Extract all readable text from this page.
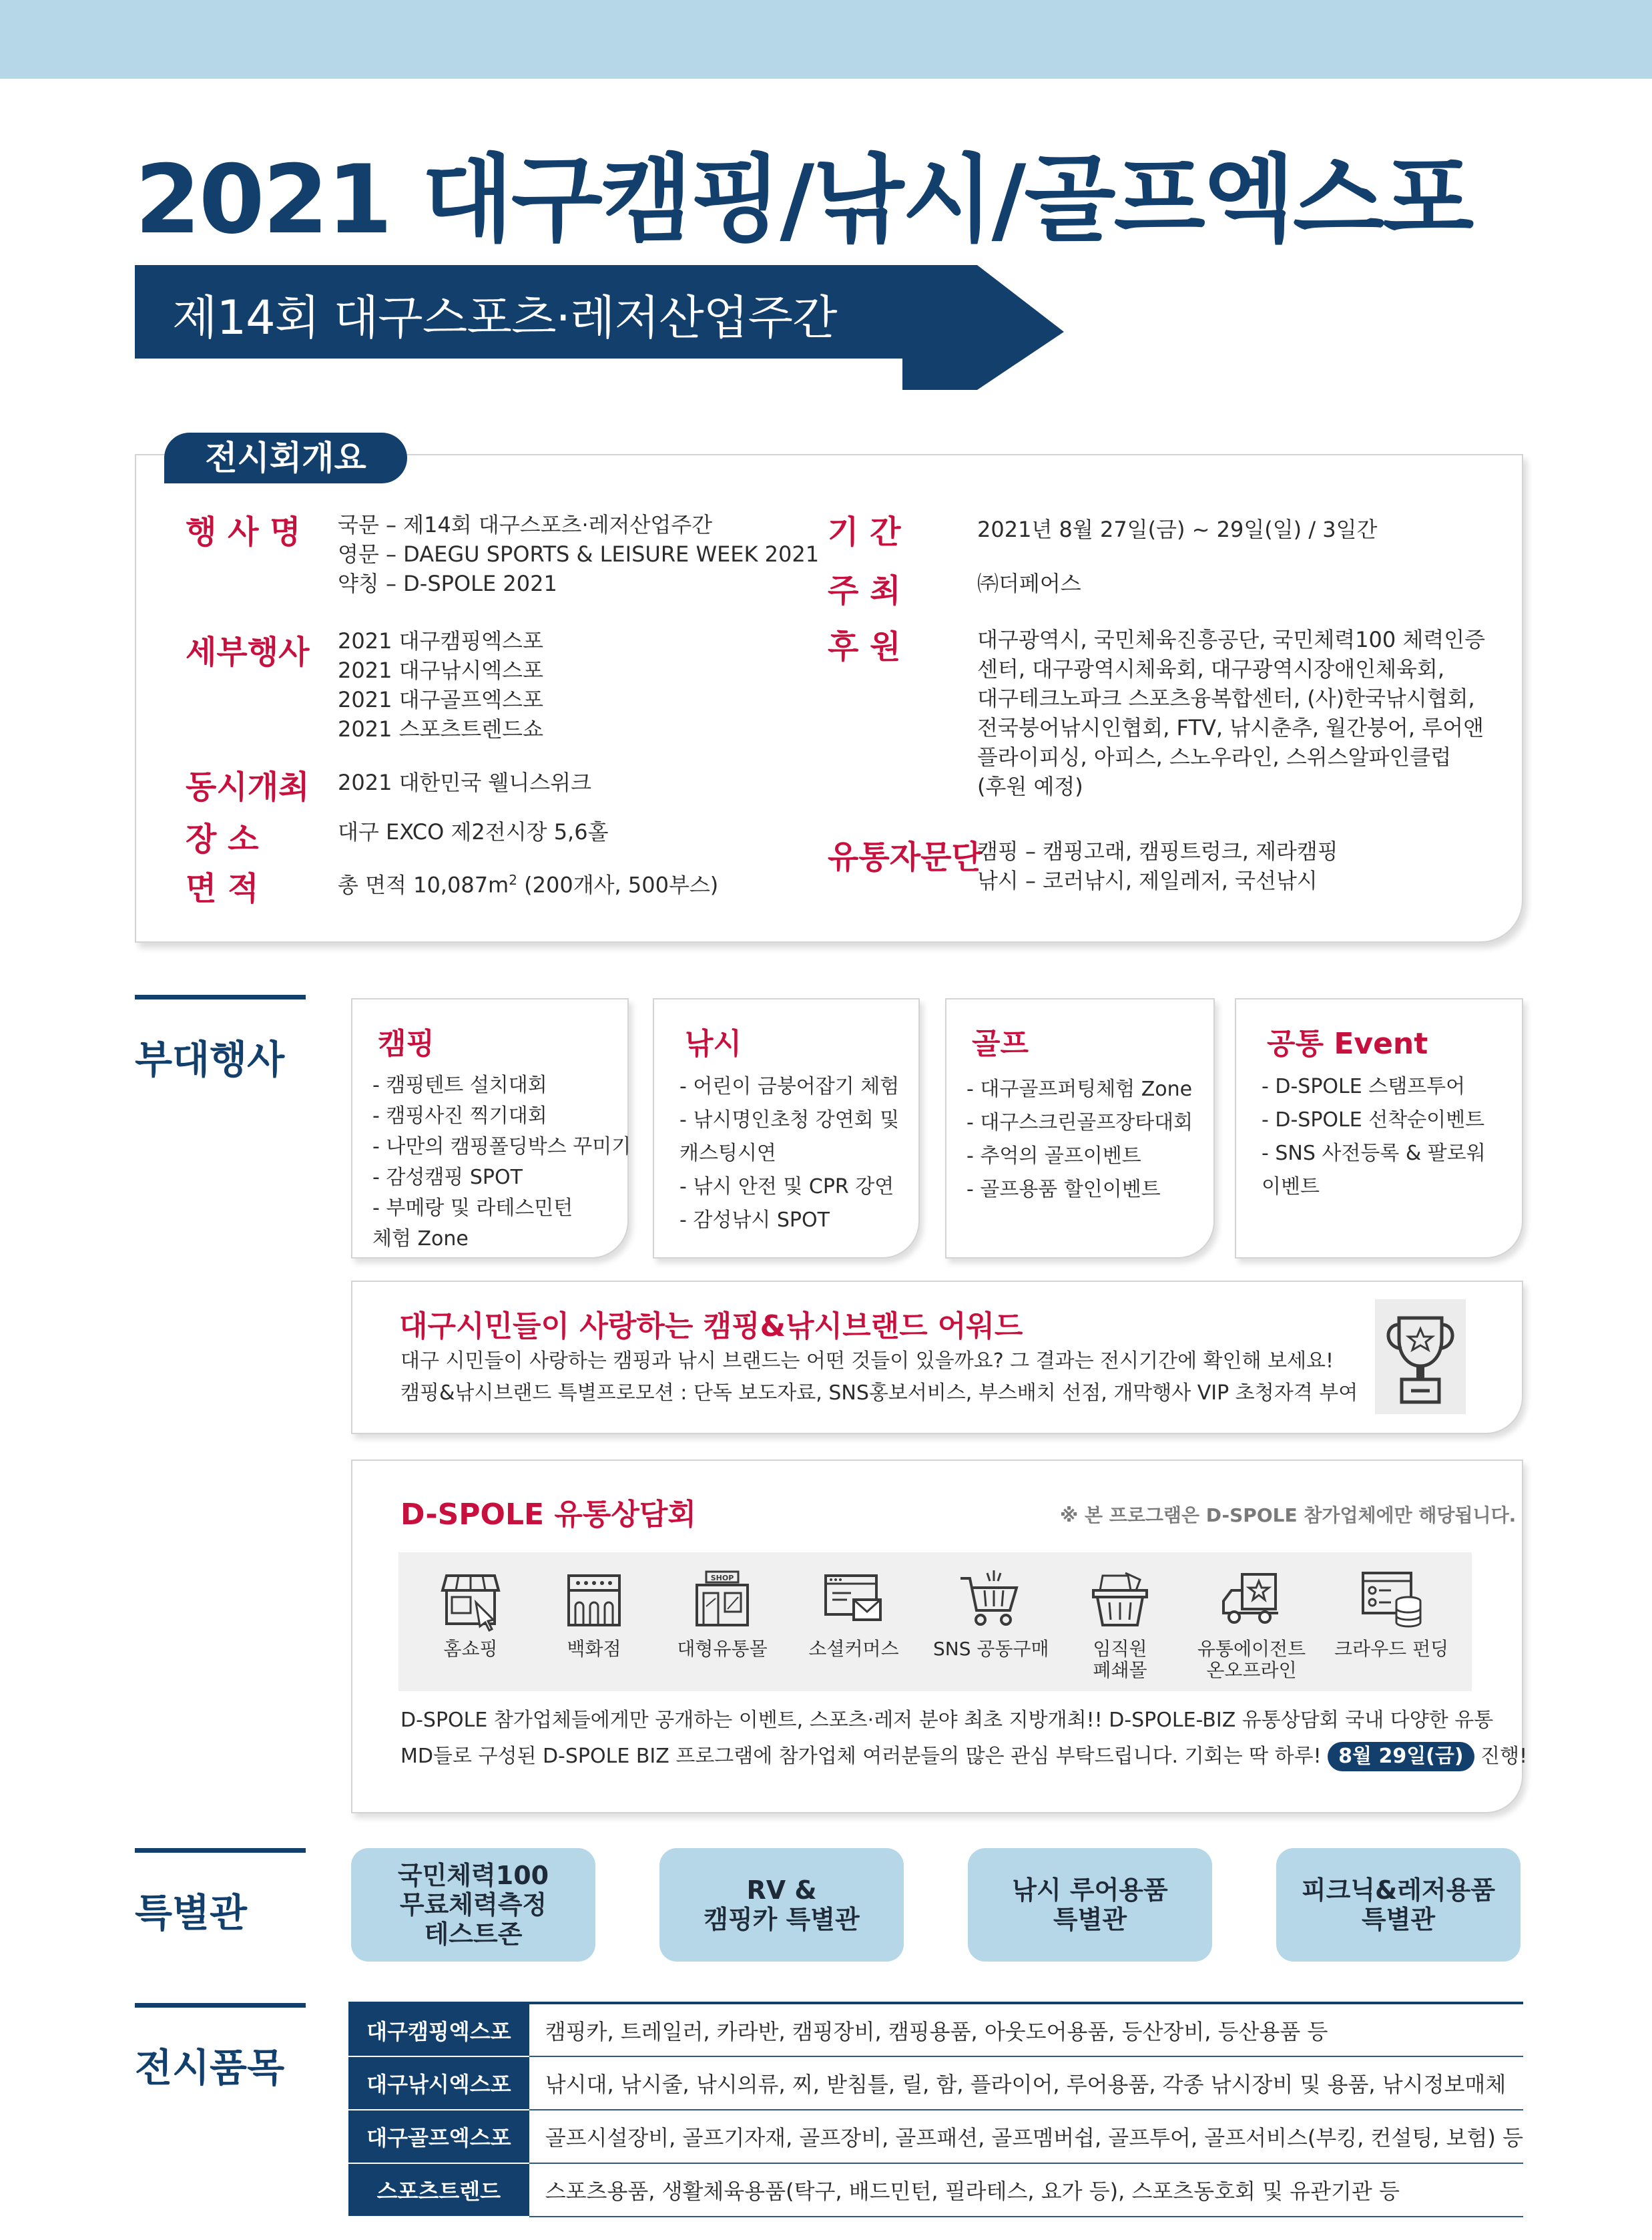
2021 대구캠핑/낚시/골프엑스포
제14회 대구스포츠·레저산업주간
전시회개요
행 사 명 국문 – 제14회 대구스포츠·레저산업주간
영문 – DAEGU SPORTS & LEISURE WEEK 2021
약칭 – D-SPOLE 2021
세부행사 2021 대구캠핑엑스포
2021 대구낚시엑스포
2021 대구골프엑스포
2021 스포츠트렌드쇼
동시개최 2021 대한민국 웰니스위크
장 소	대구 EXCO 제2전시장 5,6홀
면 적	총 면적 $10,087m^2$ (200개사, 500부스)
기 간	2021년 8월 27일(금) ~ 29일(일) / 3일간
주 최	㈜더페어스
후 원	대구광역시, 국민체육진흥공단, 국민체력100 체력인증
센터, 대구광역시체육회, 대구광역시장애인체육회,
대구테크노파크 스포츠융복합센터, (사)한국낚시협회,
전국붕어낚시인협회, FTV, 낚시춘추, 월간붕어, 루어앤
플라이피싱, 아피스, 스노우라인, 스위스알파인클럽
(후원 예정)
유통자문단
캠핑 – 캠핑고래, 캠핑트렁크, 제라캠핑
낚시 – 코러낚시, 제일레저, 국선낚시
부대행사	캠핑
- 캠핑텐트 설치대회
- 캠핑사진 찍기대회
- 나만의 캠핑폴딩박스 꾸미기
- 감성캠핑 SPOT
- 부메랑 및 라테스민턴
체험 Zone
낚시
- 어린이 금붕어잡기 체험
- 낚시명인초청 강연회 및
캐스팅시연
- 낚시 안전 및 CPR 강연
- 감성낚시 SPOT
골프
- 대구골프퍼팅체험 Zone
- 대구스크린골프장타대회
- 추억의 골프이벤트
- 골프용품 할인이벤트
공통 Event
- D-SPOLE 스탬프투어
- D-SPOLE 선착순이벤트
- SNS 사전등록 & 팔로워
이벤트
대구시민들이 사랑하는 캠핑&낚시브랜드 어워드
대구 시민들이 사랑하는 캠핑과 낚시 브랜드는 어떤 것들이 있을까요? 그 결과는 전시기간에 확인해 보세요!
캠핑&낚시브랜드 특별프로모션 : 단독 보도자료, SNS홍보서비스, 부스배치 선점, 개막행사 VIP 초청자격 부여
D-SPOLE 유통상담회	※ 본 프로그램은 D-SPOLE 참가업체에만 해당됩니다.
홈쇼핑	백화점
SHOP
대형유통몰	소셜커머스	SNS 공동구매	임직원
폐쇄몰
유통에이전트
온오프라인
크라우드 펀딩
D-SPOLE 참가업체들에게만 공개하는 이벤트, 스포츠·레저 분야 최초 지방개최!! D-SPOLE-BIZ 유통상담회 국내 다양한 유통
MD들로 구성된 D-SPOLE BIZ 프로그램에 참가업체 여러분들의 많은 관심 부탁드립니다. 기회는 딱 하루! 8월 29일(금) 진행!
특별관
국민체력100
무료체력측정
테스트존
RV &
캠핑카 특별관
낚시 루어용품
특별관
피크닉&레저용품
특별관
전시품목
대구캠핑엑스포	캠핑카, 트레일러, 카라반, 캠핑장비, 캠핑용품, 아웃도어용품, 등산장비, 등산용품 등
대구낚시엑스포	낚시대, 낚시줄, 낚시의류, 찌, 받침틀, 릴, 함, 플라이어, 루어용품, 각종 낚시장비 및 용품, 낚시정보매체
대구골프엑스포	골프시설장비, 골프기자재, 골프장비, 골프패션, 골프멤버쉽, 골프투어, 골프서비스(부킹, 컨설팅, 보험) 등
스포츠트렌드	스포츠용품, 생활체육용품(탁구, 배드민턴, 필라테스, 요가 등), 스포츠동호회 및 유관기관 등
